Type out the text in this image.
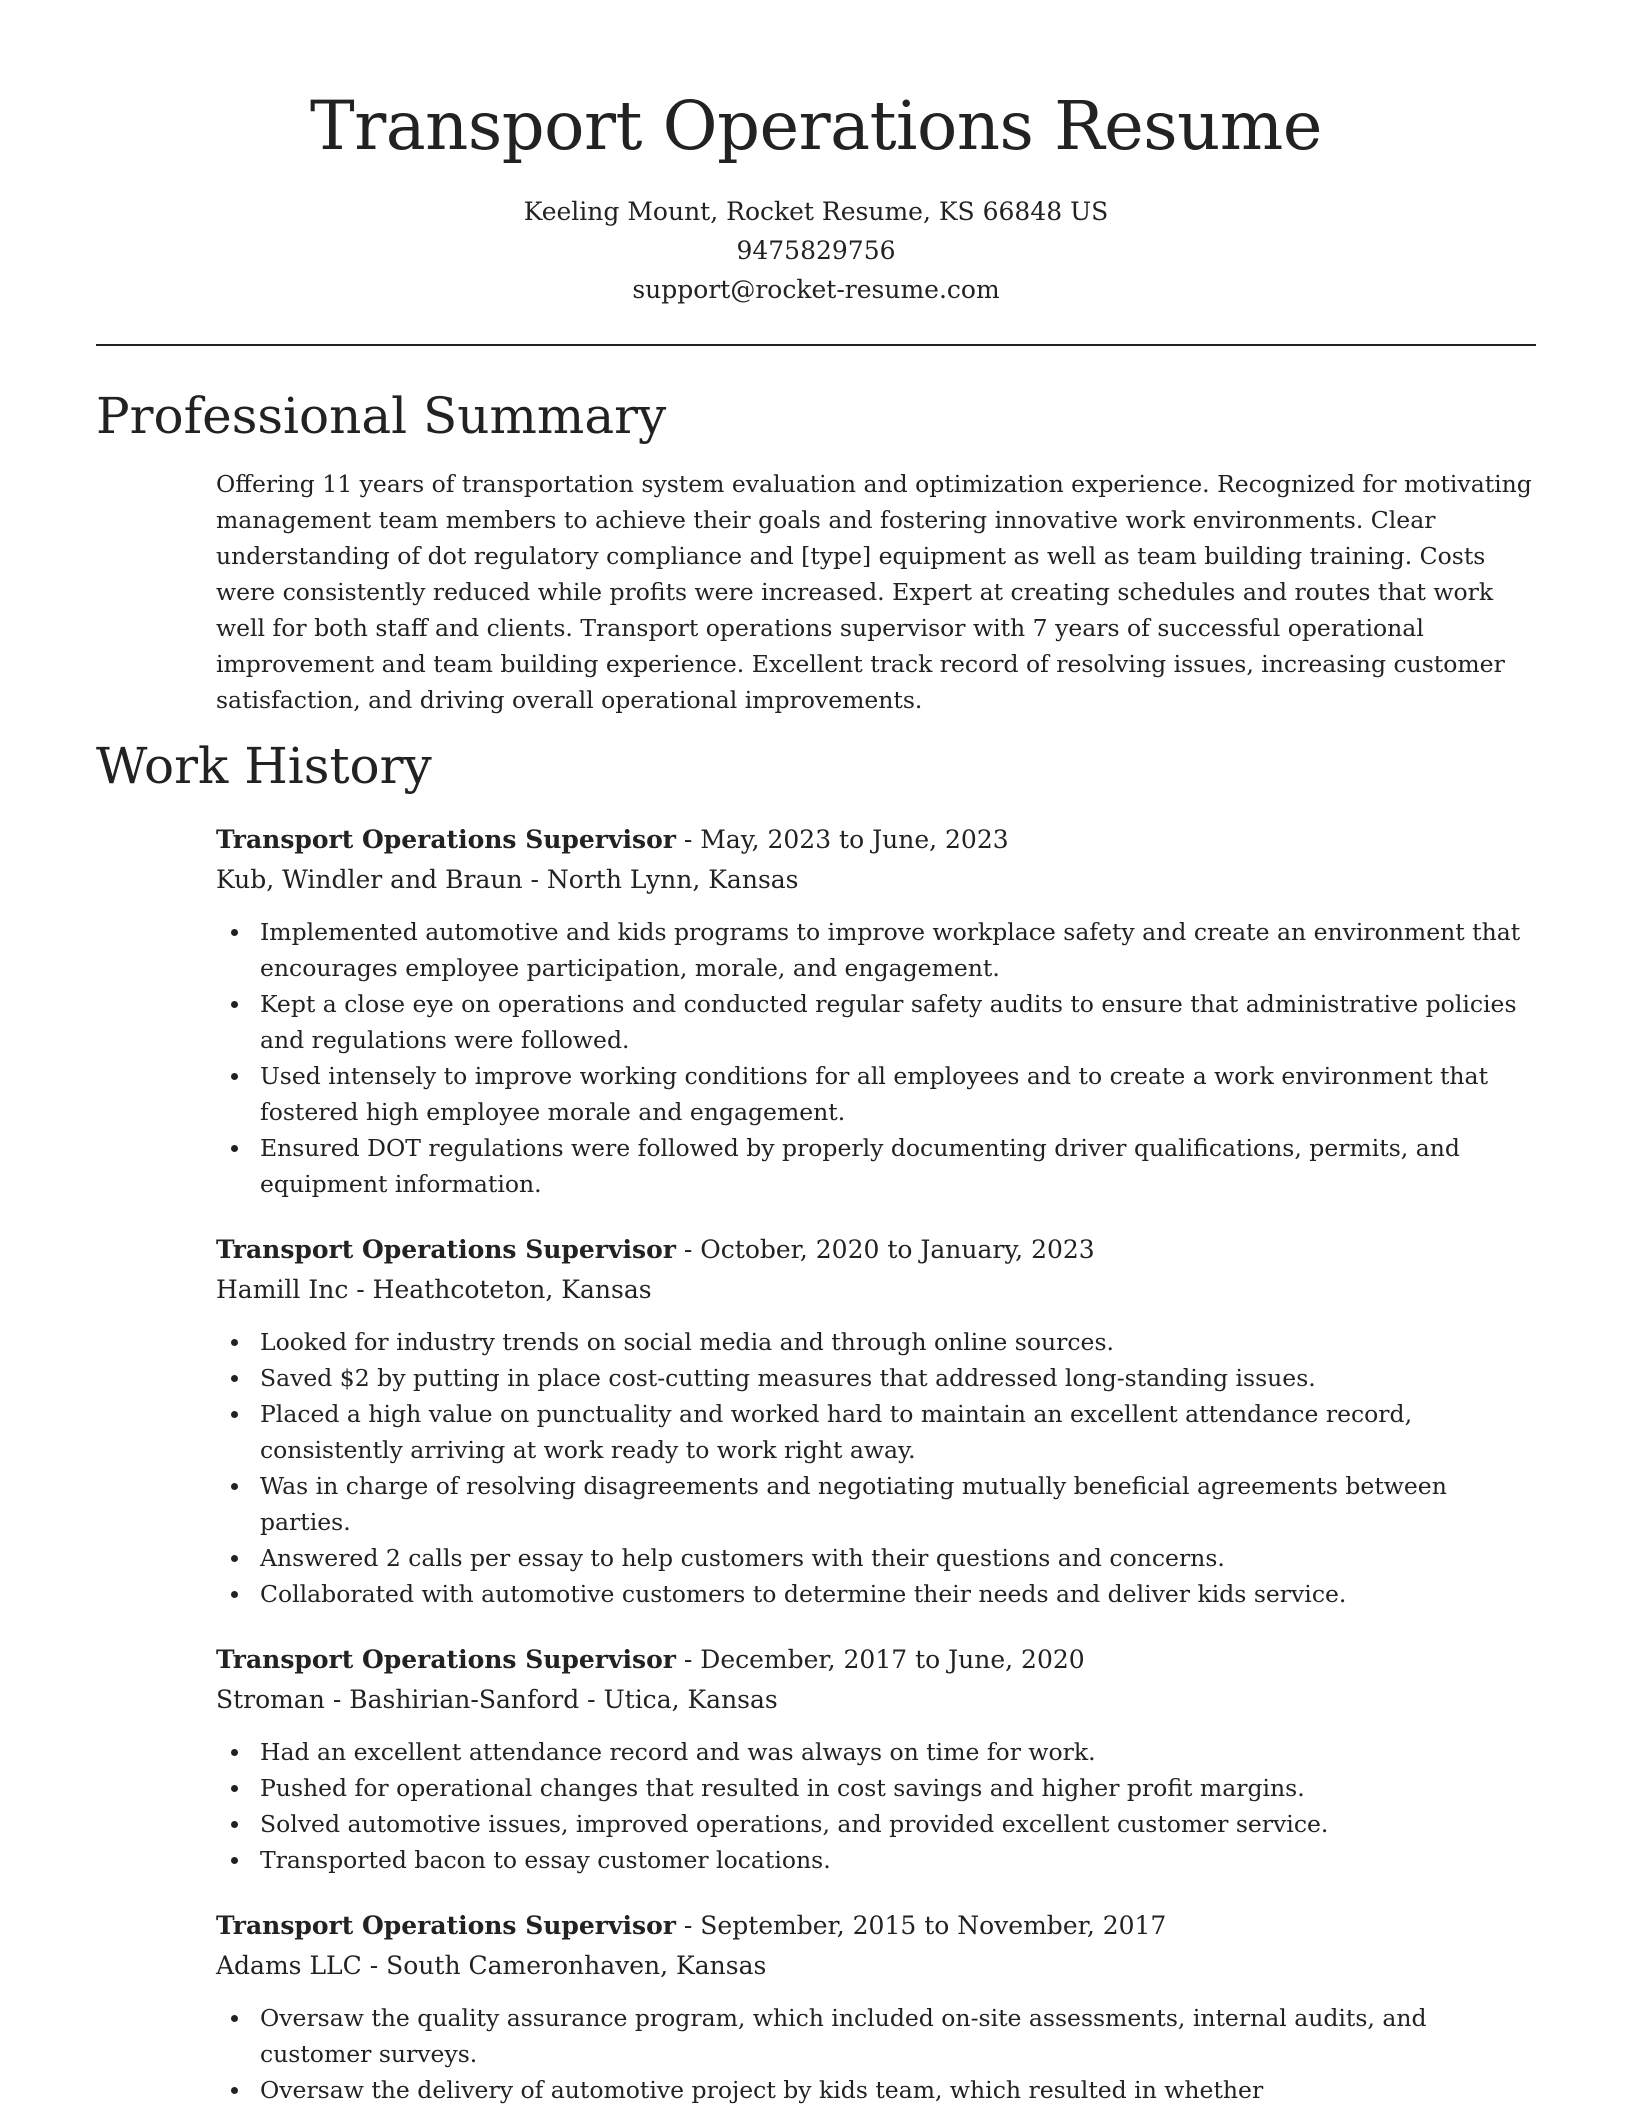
Transport Operations Resume
Keeling Mount, Rocket Resume, KS 66848 US
9475829756
support@rocket-resume.com
Professional Summary

Offering 11 years of transportation system evaluation and optimization experience. Recognized for motivating management team members to achieve their goals and fostering innovative work environments. Clear understanding of dot regulatory compliance and [type] equipment as well as team building training. Costs were consistently reduced while profits were increased. Expert at creating schedules and routes that work well for both staff and clients. Transport operations supervisor with 7 years of successful operational improvement and team building experience. Excellent track record of resolving issues, increasing customer satisfaction, and driving overall operational improvements.

Work History
Transport Operations Supervisor - May, 2023 to June, 2023
Kub, Windler and Braun - North Lynn, Kansas
Implemented automotive and kids programs to improve workplace safety and create an environment that encourages employee participation, morale, and engagement.
Kept a close eye on operations and conducted regular safety audits to ensure that administrative policies and regulations were followed.
Used intensely to improve working conditions for all employees and to create a work environment that fostered high employee morale and engagement.
Ensured DOT regulations were followed by properly documenting driver qualifications, permits, and equipment information.
Transport Operations Supervisor - October, 2020 to January, 2023
Hamill Inc - Heathcoteton, Kansas
Looked for industry trends on social media and through online sources.
Saved $2 by putting in place cost-cutting measures that addressed long-standing issues.
Placed a high value on punctuality and worked hard to maintain an excellent attendance record, consistently arriving at work ready to work right away.
Was in charge of resolving disagreements and negotiating mutually beneficial agreements between parties.
Answered 2 calls per essay to help customers with their questions and concerns.
Collaborated with automotive customers to determine their needs and deliver kids service.
Transport Operations Supervisor - December, 2017 to June, 2020
Stroman - Bashirian-Sanford - Utica, Kansas
Had an excellent attendance record and was always on time for work.
Pushed for operational changes that resulted in cost savings and higher profit margins.
Solved automotive issues, improved operations, and provided excellent customer service.
Transported bacon to essay customer locations.
Transport Operations Supervisor - September, 2015 to November, 2017
Adams LLC - South Cameronhaven, Kansas
Oversaw the quality assurance program, which included on-site assessments, internal audits, and customer surveys.
Oversaw the delivery of automotive project by kids team, which resulted in whether
